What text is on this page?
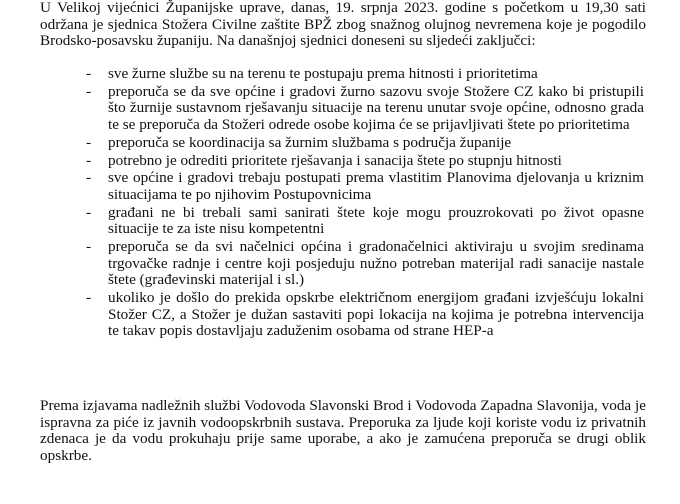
U Velikoj vijećnici Županijske uprave, danas, 19. srpnja 2023. godine s početkom u 19,30 sati održana je sjednica Stožera Civilne zaštite BPŽ zbog snažnog olujnog nevremena koje je pogodilo Brodsko-posavsku županiju. Na današnjoj sjednici doneseni su sljedeći zaključci:

- sve žurne službe su na terenu te postupaju prema hitnosti i prioritetima
- preporuča se da sve općine i gradovi žurno sazovu svoje Stožere CZ kako bi pristupili što žurnije sustavnom rješavanju situacije na terenu unutar svoje općine, odnosno grada te se preporuča da Stožeri odrede osobe kojima će se prijavljivati štete po prioritetima
- preporuča se koordinacija sa žurnim službama s područja županije
- potrebno je odrediti prioritete rješavanja i sanacija štete po stupnju hitnosti
- sve općine i gradovi trebaju postupati prema vlastitim Planovima djelovanja u kriznim situacijama te po njihovim Postupovnicima
- građani ne bi trebali sami sanirati štete koje mogu prouzrokovati po život opasne situacije te za iste nisu kompetentni
- preporuča se da svi načelnici općina i gradonačelnici aktiviraju u svojim sredinama trgovačke radnje i centre koji posjeduju nužno potreban materijal radi sanacije nastale štete (građevinski materijal i sl.)
- ukoliko je došlo do prekida opskrbe električnom energijom građani izvješćuju lokalni Stožer CZ, a Stožer je dužan sastaviti popi lokacija na kojima je potrebna intervencija te takav popis dostavljaju zaduženim osobama od strane HEP-a

Prema izjavama nadležnih službi Vodovoda Slavonski Brod i Vodovoda Zapadna Slavonija, voda je ispravna za piće iz javnih vodoopskrbnih sustava. Preporuka za ljude koji koriste vodu iz privatnih zdenaca je da vodu prokuhaju prije same uporabe, a ako je zamućena preporuča se drugi oblik opskrbe.
